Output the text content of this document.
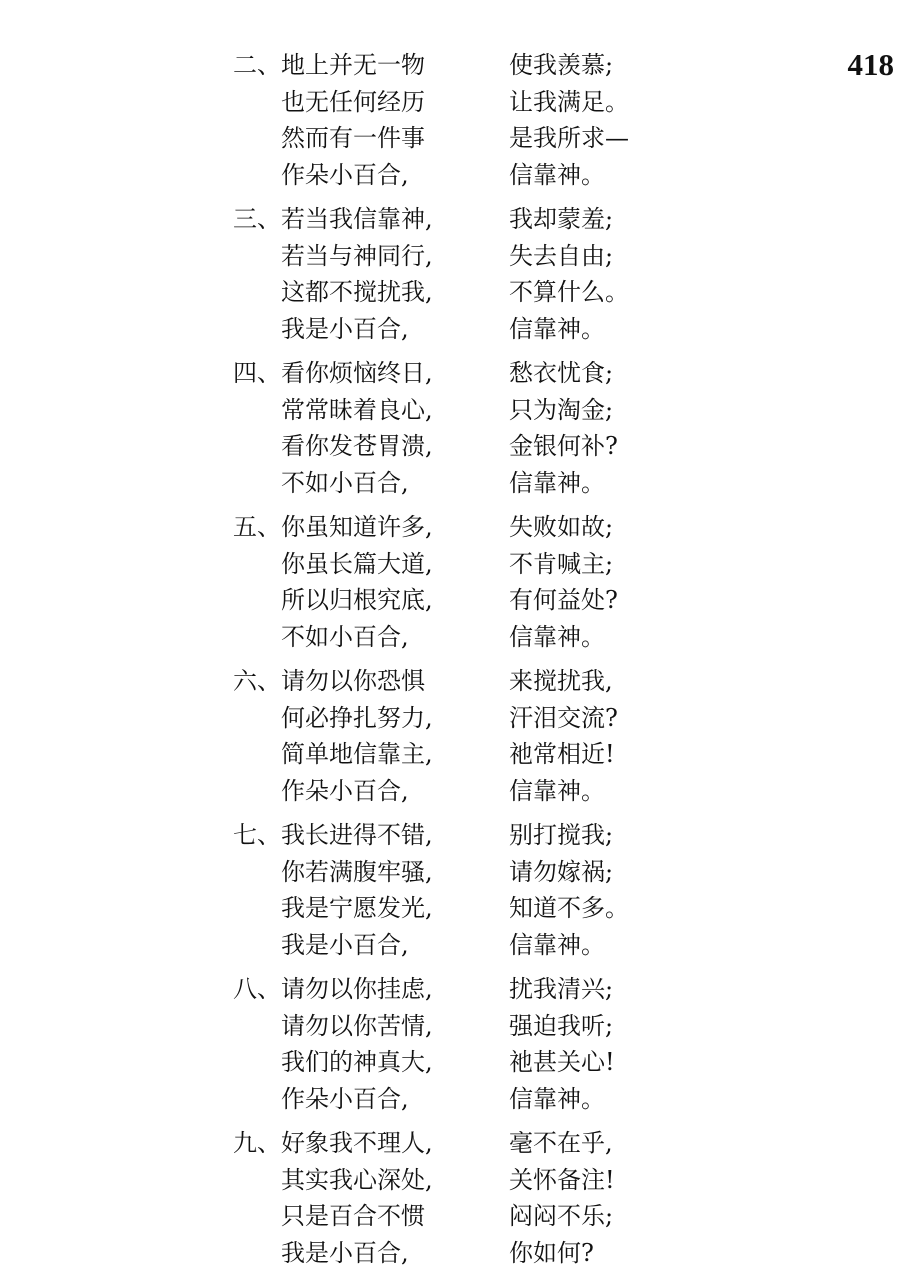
418
二、 地上并无一物	使我羡慕;
也无任何经历	让我满足。
然而有一件事	是我所求—
作朵小百合,	信靠神。
三、 若当我信靠神,	我却蒙羞;
若当与神同行,	失去自由;
这都不搅扰我,	不算什么。
我是小百合,	信靠神。
四、 看你烦恼终日,	愁衣忧食;
常常昧着良心,	只为淘金;
看你发苍胃溃,	金银何补?
不如小百合,	信靠神。
五、 你虽知道许多,	失败如故;
你虽长篇大道,	不肯喊主;
所以归根究底,	有何益处?
不如小百合,	信靠神。
六、 请勿以你恐惧	来搅扰我,
何必挣扎努力,	汗泪交流?
简单地信靠主,	祂常相近!
作朵小百合,	信靠神。
七、 我长进得不错,	别打搅我;
你若满腹牢骚,	请勿嫁祸;
我是宁愿发光,	知道不多。
我是小百合,	信靠神。
八、 请勿以你挂虑,	扰我清兴;
请勿以你苦情,	强迫我听;
我们的神真大,	祂甚关心!
作朵小百合,	信靠神。
九、 好象我不理人,	毫不在乎,
其实我心深处,	关怀备注!
只是百合不惯	闷闷不乐;
我是小百合,	你如何?
